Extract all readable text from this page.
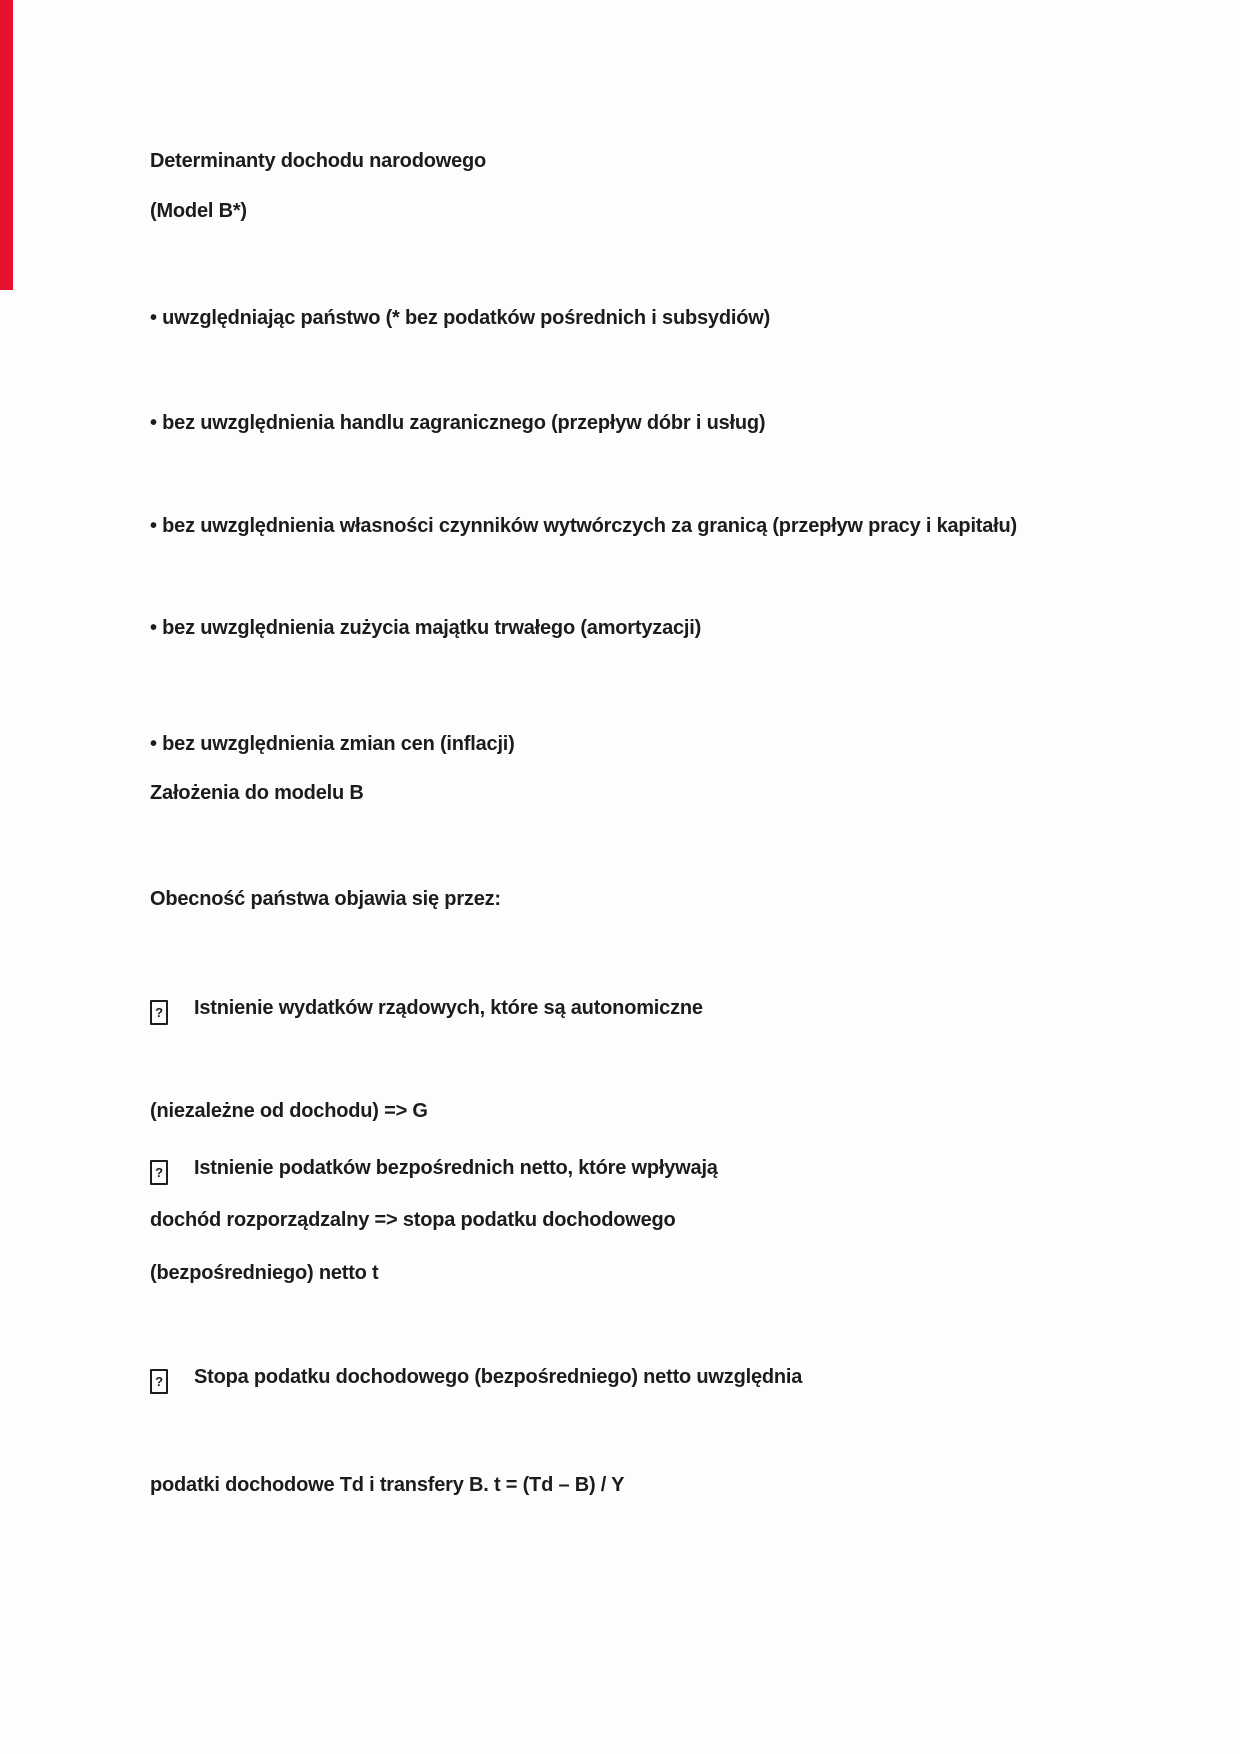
Determinanty dochodu narodowego
(Model B*)
• uwzględniając państwo (* bez podatków pośrednich i subsydiów)
• bez uwzględnienia handlu zagranicznego (przepływ dóbr i usług)
• bez uwzględnienia własności czynników wytwórczych za granicą (przepływ pracy i kapitału)
• bez uwzględnienia zużycia majątku trwałego (amortyzacji)
• bez uwzględnienia zmian cen (inflacji)
Założenia do modelu B
Obecność państwa objawia się przez:
? Istnienie wydatków rządowych, które są autonomiczne
(niezależne od dochodu) => G
? Istnienie podatków bezpośrednich netto, które wpływają
dochód rozporządzalny => stopa podatku dochodowego
(bezpośredniego) netto t
? Stopa podatku dochodowego (bezpośredniego) netto uwzględnia
podatki dochodowe Td i transfery B. t = (Td – B) / Y
